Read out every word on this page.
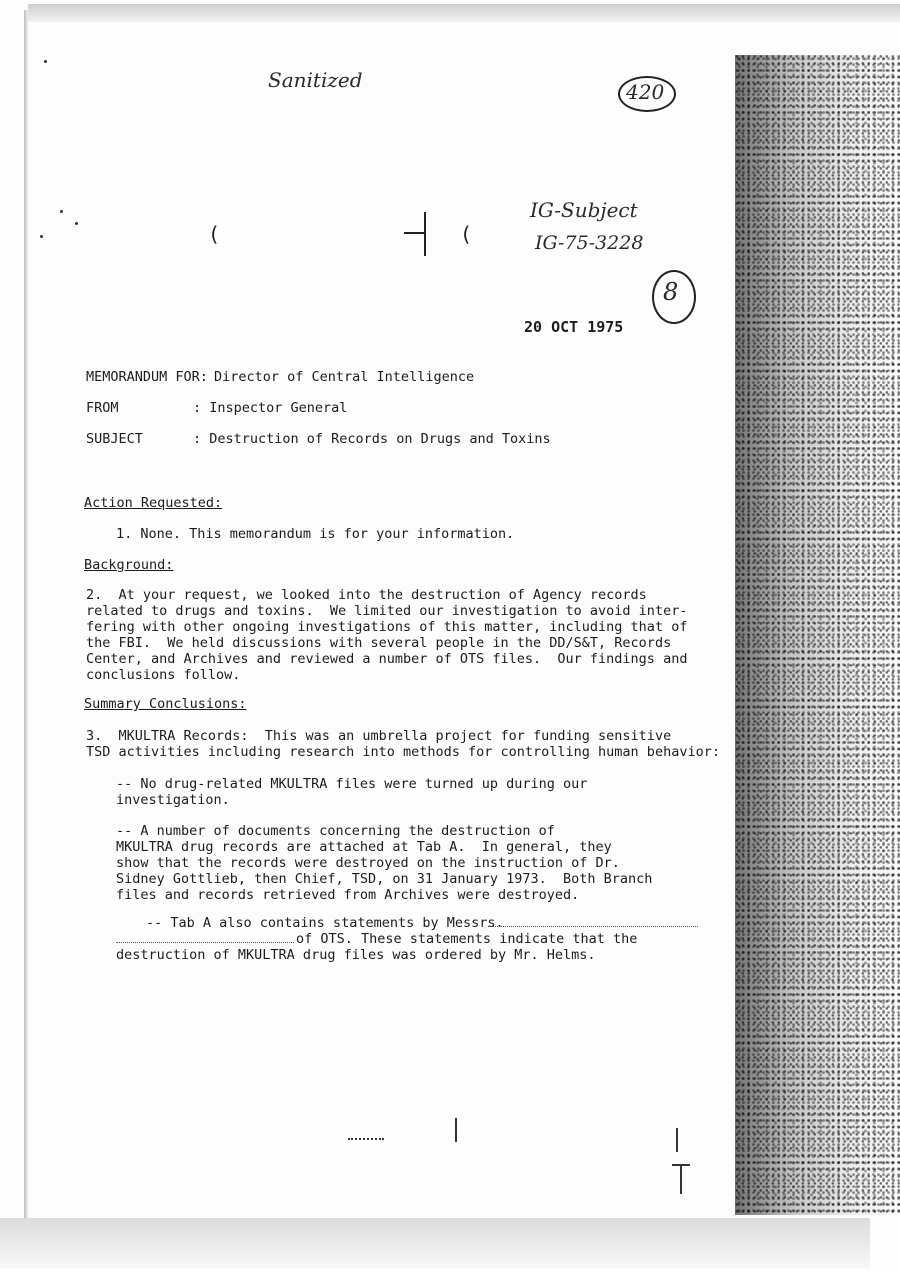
Sanitized	420
IG-Subject
IG-75-3228
8
(	(
20 OCT 1975
MEMORANDUM FOR: Director of Central Intelligence
FROM	: Inspector General
SUBJECT	: Destruction of Records on Drugs and Toxins
Action Requested:
1. None. This memorandum is for your information.
Background:
2.  At your request, we looked into the destruction of Agency records
related to drugs and toxins.  We limited our investigation to avoid inter-
fering with other ongoing investigations of this matter, including that of
the FBI.  We held discussions with several people in the DD/S&T, Records
Center, and Archives and reviewed a number of OTS files.  Our findings and
conclusions follow.
Summary Conclusions:
3.  MKULTRA Records:  This was an umbrella project for funding sensitive
TSD activities including research into methods for controlling human behavior:
-- No drug-related MKULTRA files were turned up during our
investigation.
-- A number of documents concerning the destruction of
MKULTRA drug records are attached at Tab A.  In general, they
show that the records were destroyed on the instruction of Dr.
Sidney Gottlieb, then Chief, TSD, on 31 January 1973.  Both Branch
files and records retrieved from Archives were destroyed.
-- Tab A also contains statements by Messrs.
of OTS. These statements indicate that the
destruction of MKULTRA drug files was ordered by Mr. Helms.
